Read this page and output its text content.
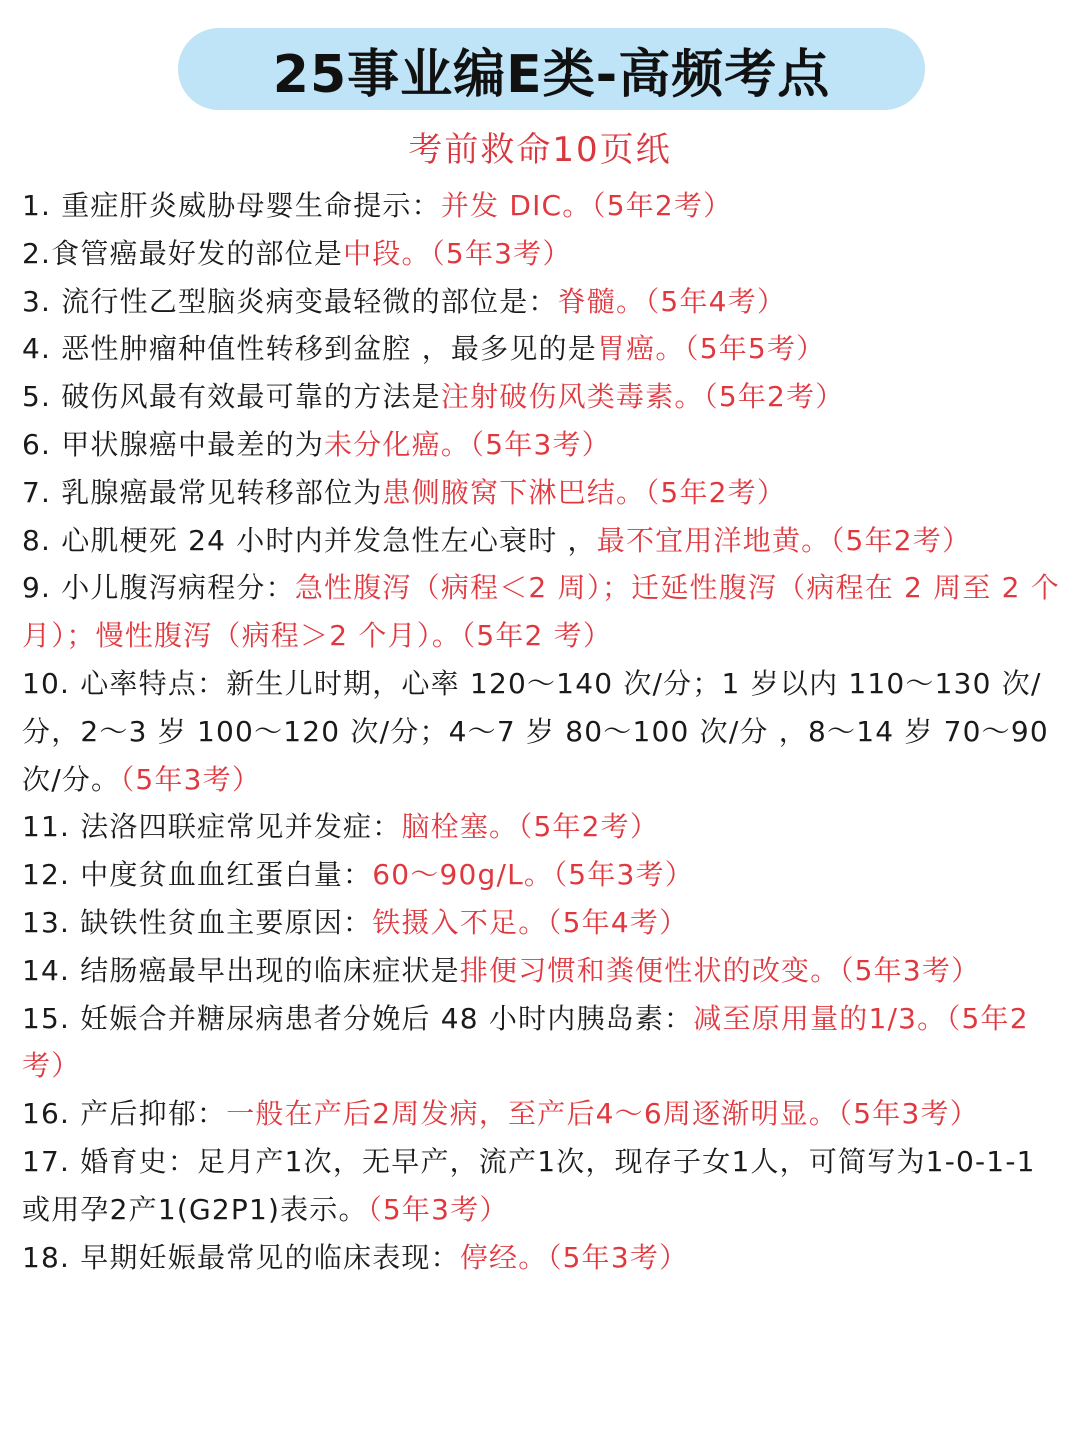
25事业编E类-高频考点
考前救命10页纸
1. 重症肝炎威胁母婴生命提示：并发 DIC。（5年2考）
2.食管癌最好发的部位是中段。（5年3考）
3. 流行性乙型脑炎病变最轻微的部位是：脊髓。（5年4考）
4. 恶性肿瘤种值性转移到盆腔 ，最多见的是胃癌。（5年5考）
5. 破伤风最有效最可靠的方法是注射破伤风类毒素。（5年2考）
6. 甲状腺癌中最差的为未分化癌。（5年3考）
7. 乳腺癌最常见转移部位为患侧腋窝下淋巴结。（5年2考）
8. 心肌梗死 24 小时内并发急性左心衰时 ，最不宜用洋地黄。（5年2考）
9. 小儿腹泻病程分：急性腹泻（病程＜2 周）；迁延性腹泻（病程在 2 周至 2 个月）；慢性腹泻（病程＞2 个月）。（5年2 考）
10. 心率特点：新生儿时期，心率 120～140 次/分；1 岁以内 110～130 次/分，2～3 岁 100～120 次/分；4～7 岁 80～100 次/分 ，8～14 岁 70～90 次/分。（5年3考）
11. 法洛四联症常见并发症：脑栓塞。（5年2考）
12. 中度贫血血红蛋白量：60～90g/L。（5年3考）
13. 缺铁性贫血主要原因：铁摄入不足。（5年4考）
14. 结肠癌最早出现的临床症状是排便习惯和粪便性状的改变。（5年3考）
15. 妊娠合并糖尿病患者分娩后 48 小时内胰岛素：减至原用量的1/3。（5年2考）
16. 产后抑郁：一般在产后2周发病，至产后4～6周逐渐明显。（5年3考）
17. 婚育史：足月产1次，无早产，流产1次，现存子女1人，可简写为1-0-1-1或用孕2产1(G2P1)表示。（5年3考）
18. 早期妊娠最常见的临床表现：停经。（5年3考）
